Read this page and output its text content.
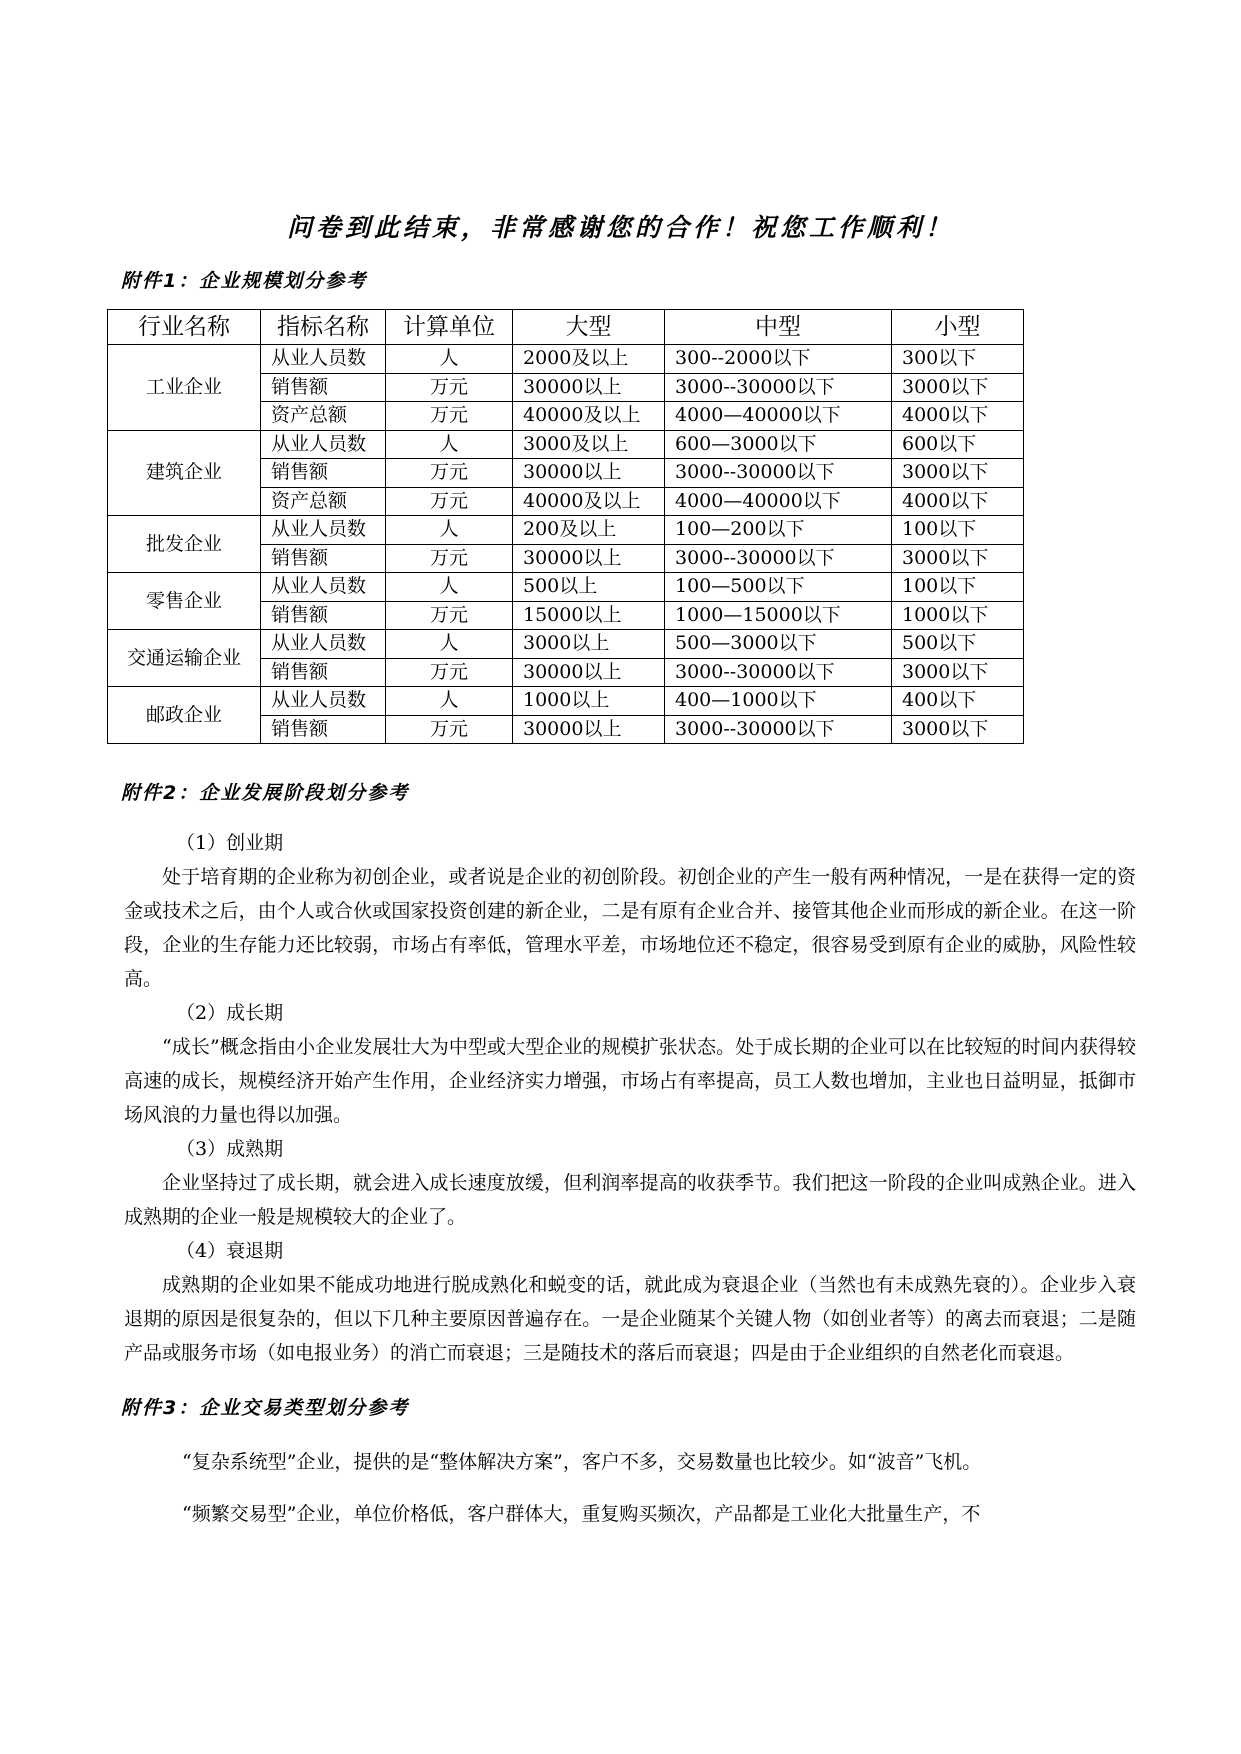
问卷到此结束，非常感谢您的合作！祝您工作顺利！
附件1：企业规模划分参考
行业名称	指标名称	计算单位	大型	中型	小型
工业企业	从业人员数	人	2000及以上	300--2000以下	300以下
	销售额	万元	30000以上	3000--30000以下	3000以下
	资产总额	万元	40000及以上	4000—40000以下	4000以下
建筑企业	从业人员数	人	3000及以上	600—3000以下	600以下
	销售额	万元	30000以上	3000--30000以下	3000以下
	资产总额	万元	40000及以上	4000—40000以下	4000以下
批发企业	从业人员数	人	200及以上	100—200以下	100以下
	销售额	万元	30000以上	3000--30000以下	3000以下
零售企业	从业人员数	人	500以上	100—500以下	100以下
	销售额	万元	15000以上	1000—15000以下	1000以下
交通运输企业	从业人员数	人	3000以上	500—3000以下	500以下
	销售额	万元	30000以上	3000--30000以下	3000以下
邮政企业	从业人员数	人	1000以上	400—1000以下	400以下
	销售额	万元	30000以上	3000--30000以下	3000以下
附件2：企业发展阶段划分参考
（1）创业期

处于培育期的企业称为初创企业，或者说是企业的初创阶段。初创企业的产生一般有两种情况，一是在获得一定的资金或技术之后，由个人或合伙或国家投资创建的新企业，二是有原有企业合并、接管其他企业而形成的新企业。在这一阶段，企业的生存能力还比较弱，市场占有率低，管理水平差，市场地位还不稳定，很容易受到原有企业的威胁，风险性较高。

（2）成长期

“成长”概念指由小企业发展壮大为中型或大型企业的规模扩张状态。处于成长期的企业可以在比较短的时间内获得较高速的成长，规模经济开始产生作用，企业经济实力增强，市场占有率提高，员工人数也增加，主业也日益明显，抵御市场风浪的力量也得以加强。

（3）成熟期

企业坚持过了成长期，就会进入成长速度放缓，但利润率提高的收获季节。我们把这一阶段的企业叫成熟企业。进入成熟期的企业一般是规模较大的企业了。

（4）衰退期

成熟期的企业如果不能成功地进行脱成熟化和蜕变的话，就此成为衰退企业（当然也有未成熟先衰的）。企业步入衰退期的原因是很复杂的，但以下几种主要原因普遍存在。一是企业随某个关键人物（如创业者等）的离去而衰退；二是随产品或服务市场（如电报业务）的消亡而衰退；三是随技术的落后而衰退；四是由于企业组织的自然老化而衰退。

附件3：企业交易类型划分参考

“复杂系统型”企业，提供的是“整体解决方案”，客户不多，交易数量也比较少。如“波音”飞机。

“频繁交易型”企业，单位价格低，客户群体大，重复购买频次，产品都是工业化大批量生产，不
